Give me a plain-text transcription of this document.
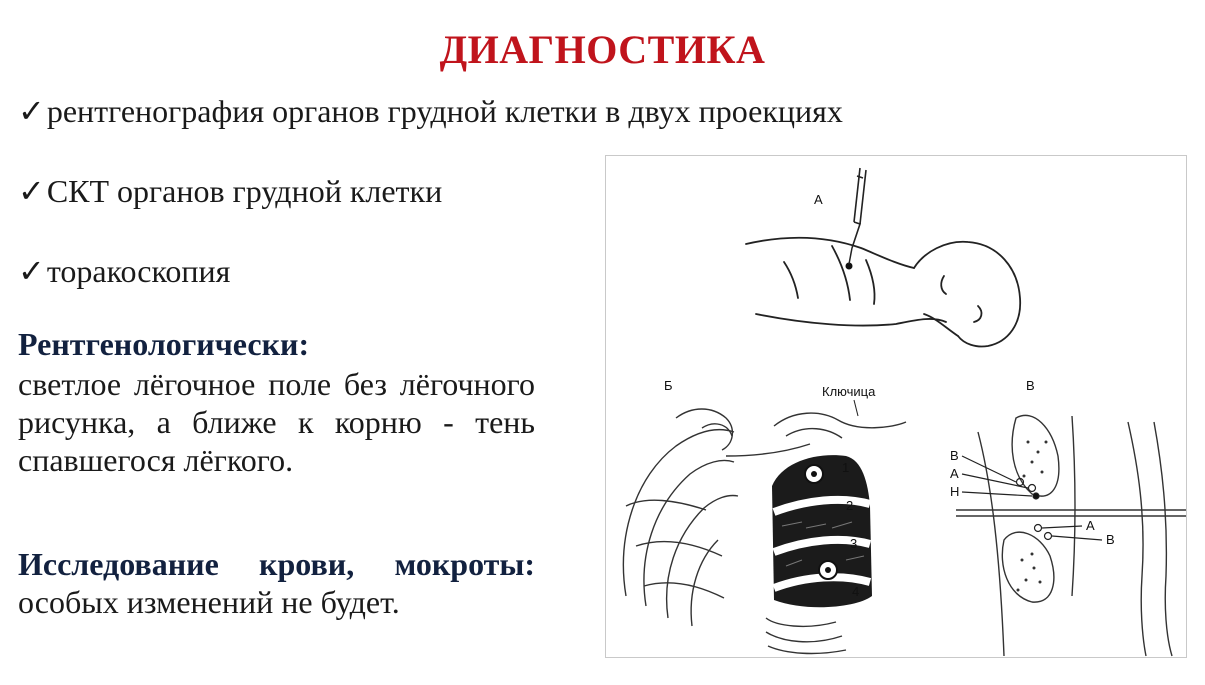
ДИАГНОСТИКА
✓рентгенография органов грудной клетки в двух проекциях
✓СКТ органов грудной клетки
✓торакоскопия
Рентгенологически:
светлое лёгочное поле без лёгочного рисунка, а ближе к корню - тень спавшегося лёгкого.
Исследование крови, мокроты: особых изменений не будет.
А
Б	Ключица
1
2
3
4
В
В
А
Н
А
В
